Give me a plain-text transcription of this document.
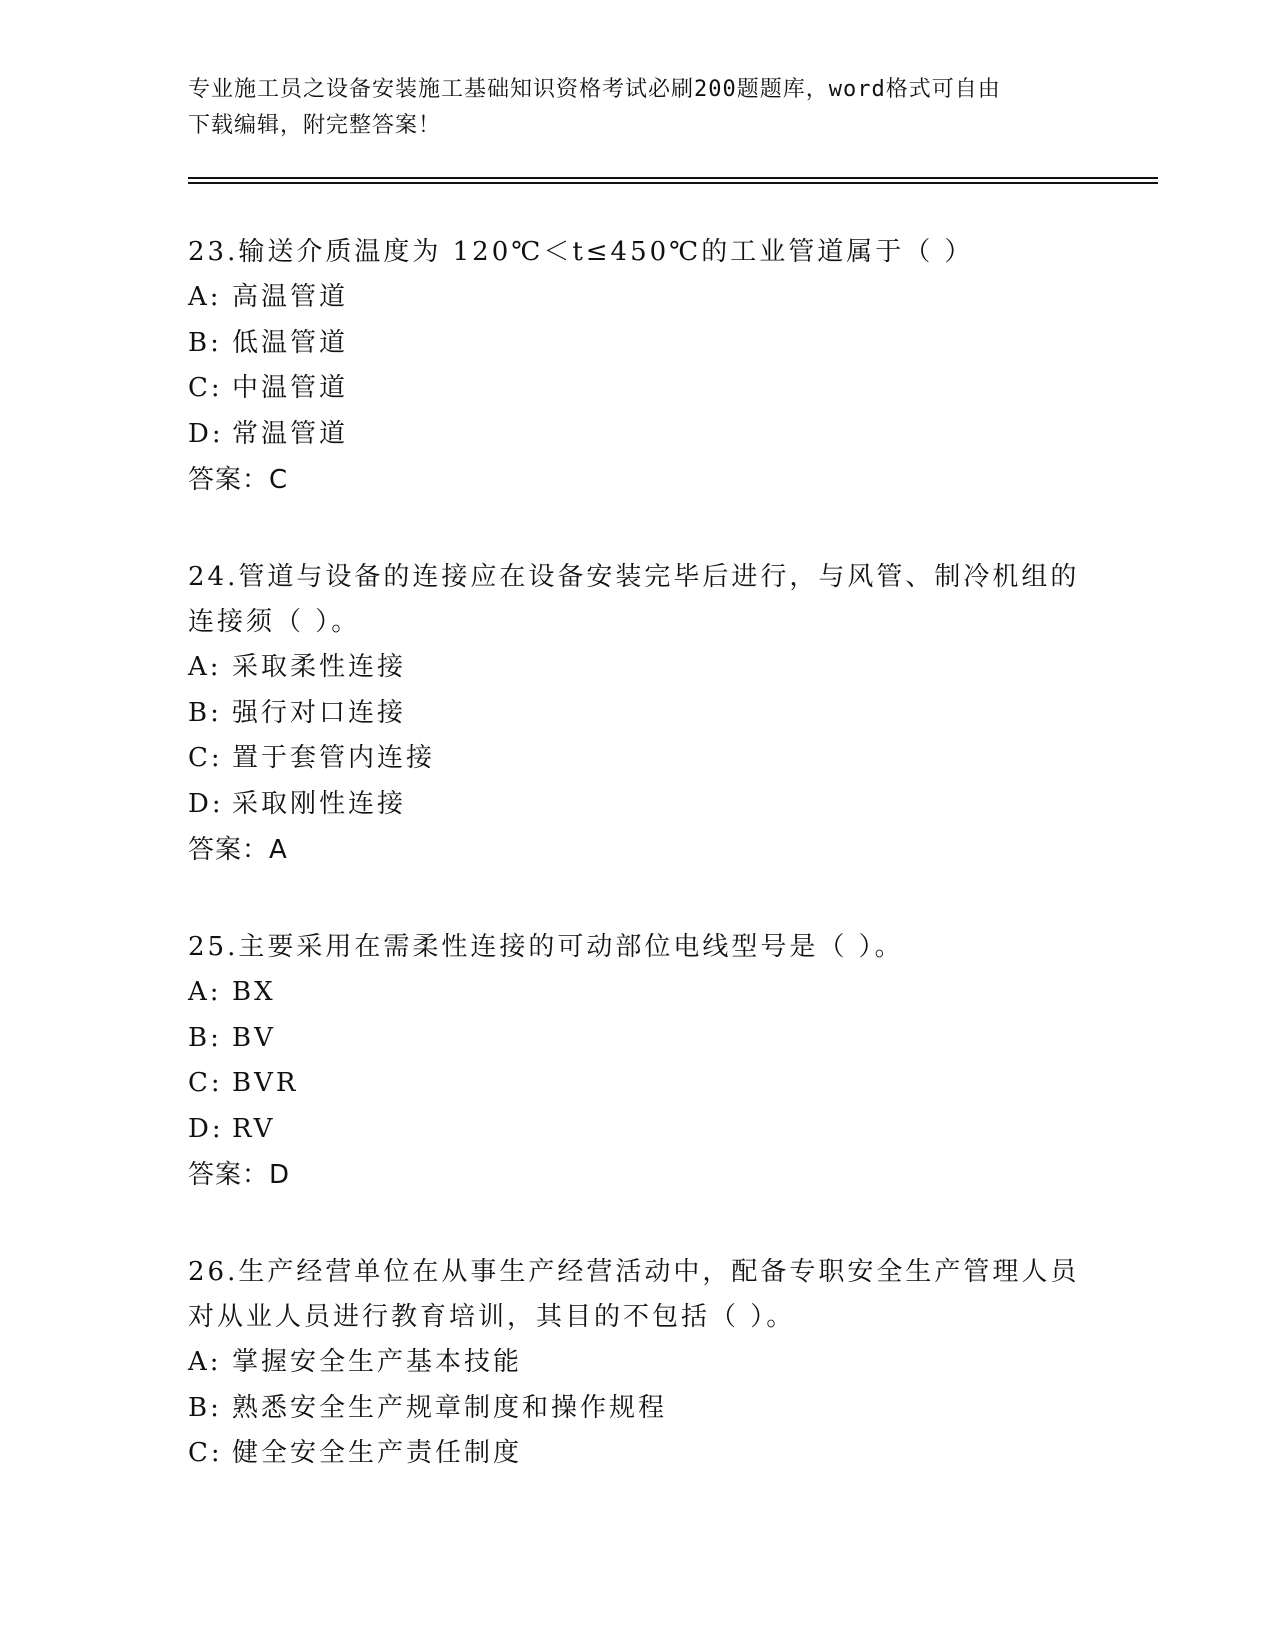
专业施工员之设备安装施工基础知识资格考试必刷200题题库，word格式可自由
下载编辑，附完整答案！
23.输送介质温度为 120℃＜t≤450℃的工业管道属于（ ）
A: 高温管道
B: 低温管道
C: 中温管道
D: 常温管道
答案：C
24.管道与设备的连接应在设备安装完毕后进行，与风管、制冷机组的
连接须（ ）。
A: 采取柔性连接
B: 强行对口连接
C: 置于套管内连接
D: 采取刚性连接
答案：A
25.主要采用在需柔性连接的可动部位电线型号是（ ）。
A: BX
B: BV
C: BVR
D: RV
答案：D
26.生产经营单位在从事生产经营活动中，配备专职安全生产管理人员
对从业人员进行教育培训，其目的不包括（ ）。
A: 掌握安全生产基本技能
B: 熟悉安全生产规章制度和操作规程
C: 健全安全生产责任制度
